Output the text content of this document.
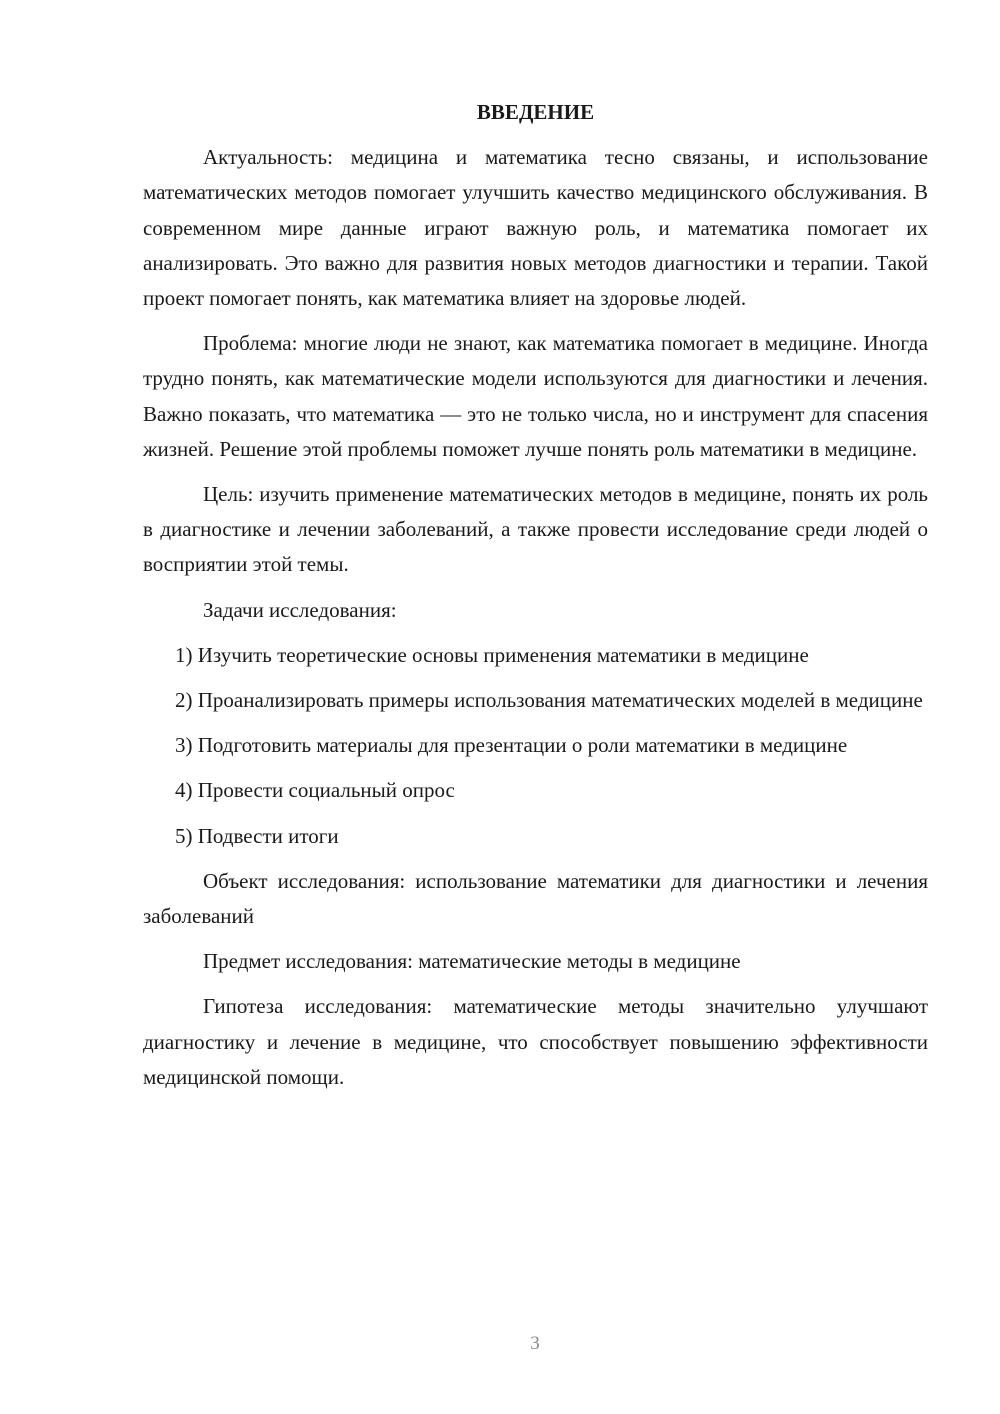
ВВЕДЕНИЕ

Актуальность: медицина и математика тесно связаны, и использование математических методов помогает улучшить качество медицинского обслуживания. В современном мире данные играют важную роль, и математика помогает их анализировать. Это важно для развития новых методов диагностики и терапии. Такой проект помогает понять, как математика влияет на здоровье людей.

Проблема: многие люди не знают, как математика помогает в медицине. Иногда трудно понять, как математические модели используются для диагностики и лечения. Важно показать, что математика — это не только числа, но и инструмент для спасения жизней. Решение этой проблемы поможет лучше понять роль математики в медицине.

Цель: изучить применение математических методов в медицине, понять их роль в диагностике и лечении заболеваний, а также провести исследование среди людей о восприятии этой темы.

Задачи исследования:

1) Изучить теоретические основы применения математики в медицине

2) Проанализировать примеры использования математических моделей в медицине

3) Подготовить материалы для презентации о роли математики в медицине

4) Провести социальный опрос

5) Подвести итоги

Объект исследования: использование математики для диагностики и лечения заболеваний

Предмет исследования: математические методы в медицине

Гипотеза исследования: математические методы значительно улучшают диагностику и лечение в медицине, что способствует повышению эффективности медицинской помощи.

3
